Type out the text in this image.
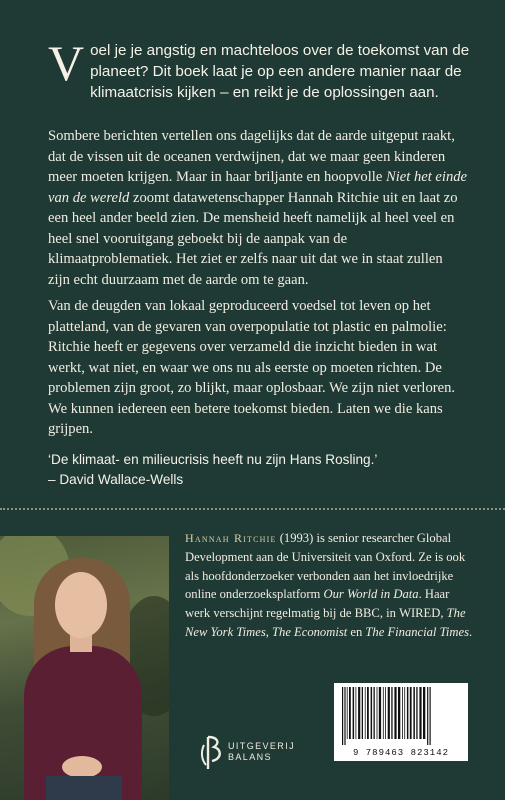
Voel je je angstig en machteloos over de toekomst van de planeet? Dit boek laat je op een andere manier naar de klimaatcrisis kijken – en reikt je de oplossingen aan.
Sombere berichten vertellen ons dagelijks dat de aarde uitgeput raakt, dat de vissen uit de oceanen verdwijnen, dat we maar geen kinderen meer moeten krijgen. Maar in haar briljante en hoopvolle Niet het einde van de wereld zoomt datawetenschapper Hannah Ritchie uit en laat zo een heel ander beeld zien. De mensheid heeft namelijk al heel veel en heel snel vooruitgang geboekt bij de aanpak van de klimaatproblematiek. Het ziet er zelfs naar uit dat we in staat zullen zijn echt duurzaam met de aarde om te gaan.
Van de deugden van lokaal geproduceerd voedsel tot leven op het platteland, van de gevaren van overpopulatie tot plastic en palmolie: Ritchie heeft er gegevens over verzameld die inzicht bieden in wat werkt, wat niet, en waar we ons nu als eerste op moeten richten. De problemen zijn groot, zo blijkt, maar oplosbaar. We zijn niet verloren. We kunnen iedereen een betere toekomst bieden. Laten we die kans grijpen.
‘De klimaat- en milieucrisis heeft nu zijn Hans Rosling.’
– David Wallace-Wells
Hannah Ritchie (1993) is senior researcher Global Development aan de Universiteit van Oxford. Ze is ook als hoofdonderzoeker verbonden aan het invloedrijke online onderzoeksplatform Our World in Data. Haar werk verschijnt regelmatig bij de BBC, in WIRED, The New York Times, The Economist en The Financial Times.
UITGEVERIJ
BALANS	9 789463 823142
